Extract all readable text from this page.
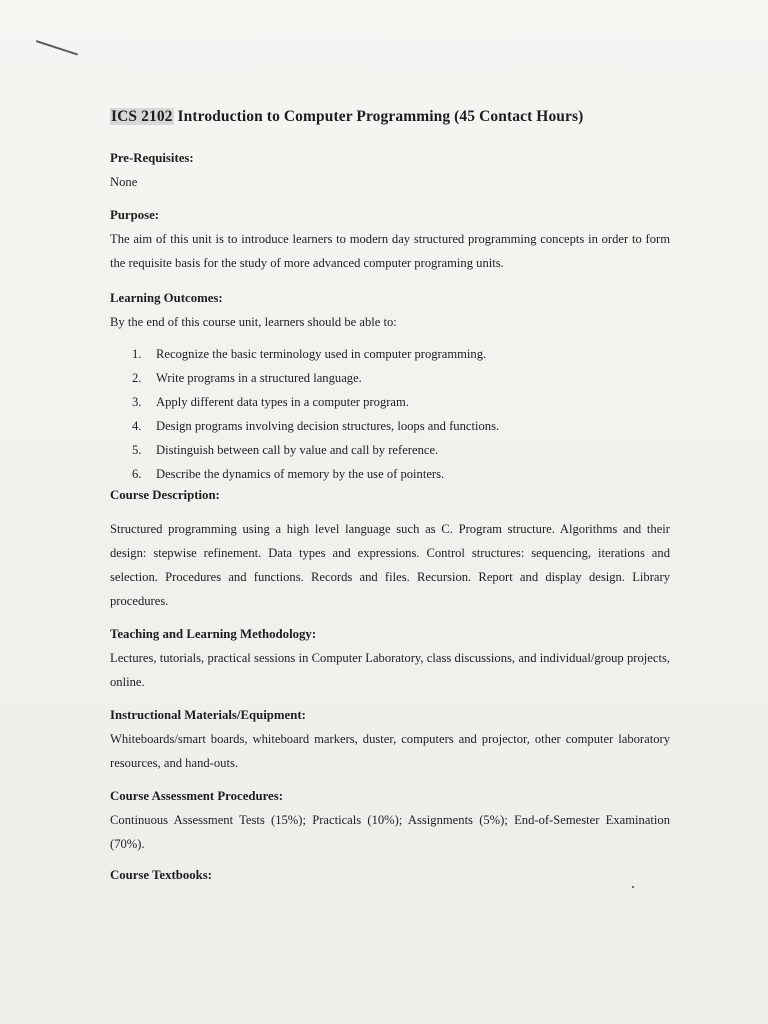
ICS 2102 Introduction to Computer Programming (45 Contact Hours)
Pre-Requisites:
None
Purpose:
The aim of this unit is to introduce learners to modern day structured programming concepts in order to form the requisite basis for the study of more advanced computer programing units.
Learning Outcomes:
By the end of this course unit, learners should be able to:
1.	Recognize the basic terminology used in computer programming.
2.	Write programs in a structured language.
3.	Apply different data types in a computer program.
4.	Design programs involving decision structures, loops and functions.
5.	Distinguish between call by value and call by reference.
6.	Describe the dynamics of memory by the use of pointers.
Course Description:
Structured programming using a high level language such as C. Program structure. Algorithms and their design: stepwise refinement. Data types and expressions. Control structures: sequencing, iterations and selection. Procedures and functions. Records and files. Recursion. Report and display design. Library procedures.
Teaching and Learning Methodology:
Lectures, tutorials, practical sessions in Computer Laboratory, class discussions, and individual/group projects, online.
Instructional Materials/Equipment:
Whiteboards/smart boards, whiteboard markers, duster, computers and projector, other computer laboratory resources, and hand-outs.
Course Assessment Procedures:
Continuous Assessment Tests (15%); Practicals (10%); Assignments (5%); End-of-Semester Examination (70%).
Course Textbooks:
